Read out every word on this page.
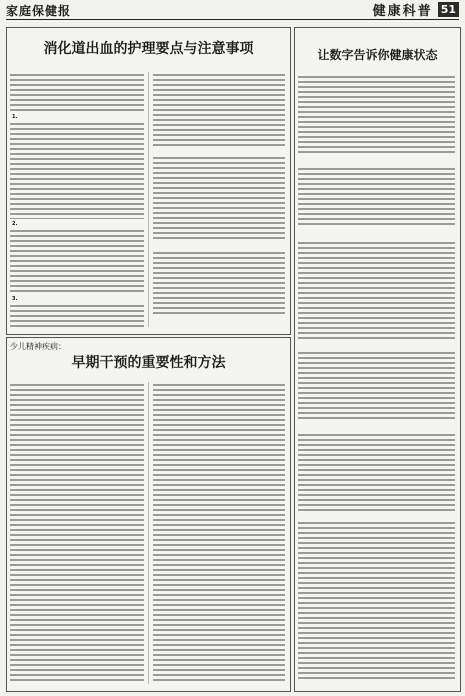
家庭保健报	健康科普 51
消化道出血的护理要点与注意事项
1.
2.
3.
少儿精神疾病：
早期干预的重要性和方法
让数字告诉你健康状态
